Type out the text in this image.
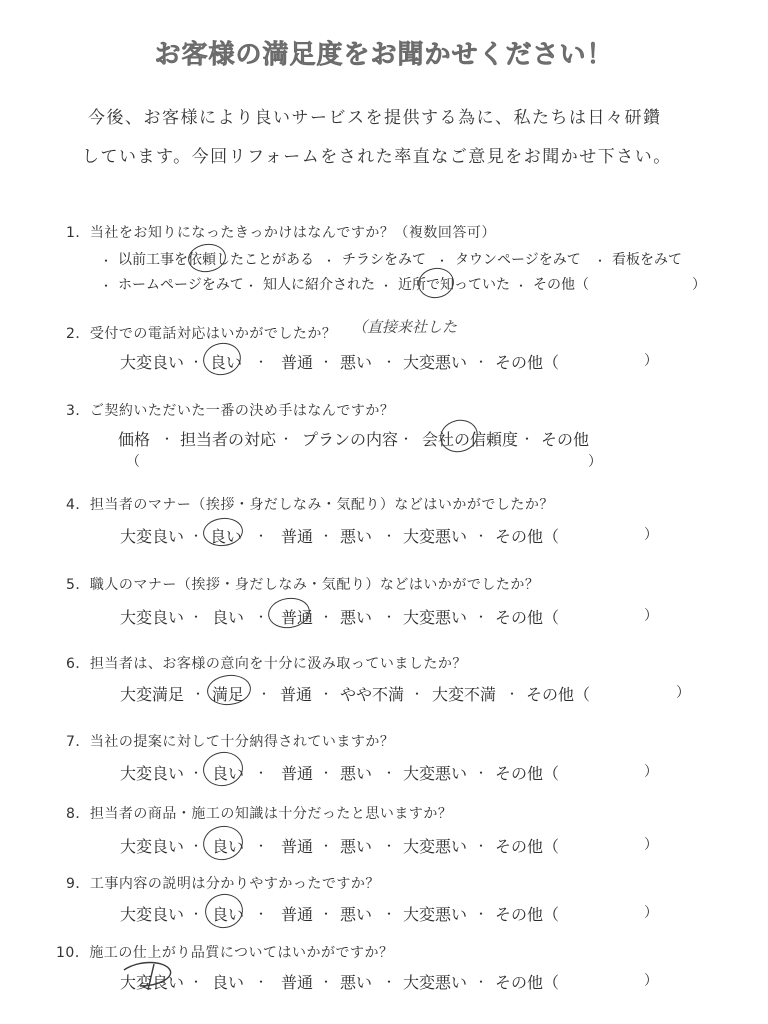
お客様の満足度をお聞かせください！
今後、お客様により良いサービスを提供する為に、私たちは日々研鑽
しています。今回リフォームをされた率直なご意見をお聞かせ下さい。
1．当社をお知りになったきっかけはなんですか？（複数回答可）
・ 以前工事を依頼したことがある ・ チラシをみて ・ タウンページをみて ・ 看板をみて
・ ホームページをみて ・ 知人に紹介された ・ 近所で知っていた ・ その他（	）
2．受付での電話対応はいかがでしたか？ （直接来社した
大変良い ・ 良い ・ 普通 ・ 悪い ・ 大変悪い ・ その他（	）
3．ご契約いただいた一番の決め手はなんですか？
価格 ・ 担当者の対応 ・ プランの内容 ・ 会社の信頼度 ・ その他
（	）
4．担当者のマナー（挨拶・身だしなみ・気配り）などはいかがでしたか？
大変良い ・ 良い ・ 普通 ・ 悪い ・ 大変悪い ・ その他（	）
5．職人のマナー（挨拶・身だしなみ・気配り）などはいかがでしたか？
大変良い ・ 良い ・ 普通 ・ 悪い ・ 大変悪い ・ その他（	）
6．担当者は、お客様の意向を十分に汲み取っていましたか？
大変満足 ・ 満足 ・ 普通 ・ やや不満 ・ 大変不満 ・ その他（	）
7．当社の提案に対して十分納得されていますか？
大変良い ・ 良い ・ 普通 ・ 悪い ・ 大変悪い ・ その他（	）
8．担当者の商品・施工の知識は十分だったと思いますか？
大変良い ・ 良い ・ 普通 ・ 悪い ・ 大変悪い ・ その他（	）
9．工事内容の説明は分かりやすかったですか？
大変良い ・ 良い ・ 普通 ・ 悪い ・ 大変悪い ・ その他（	）
10．施工の仕上がり品質についてはいかがですか？
大変良い ・ 良い ・ 普通 ・ 悪い ・ 大変悪い ・ その他（	）
